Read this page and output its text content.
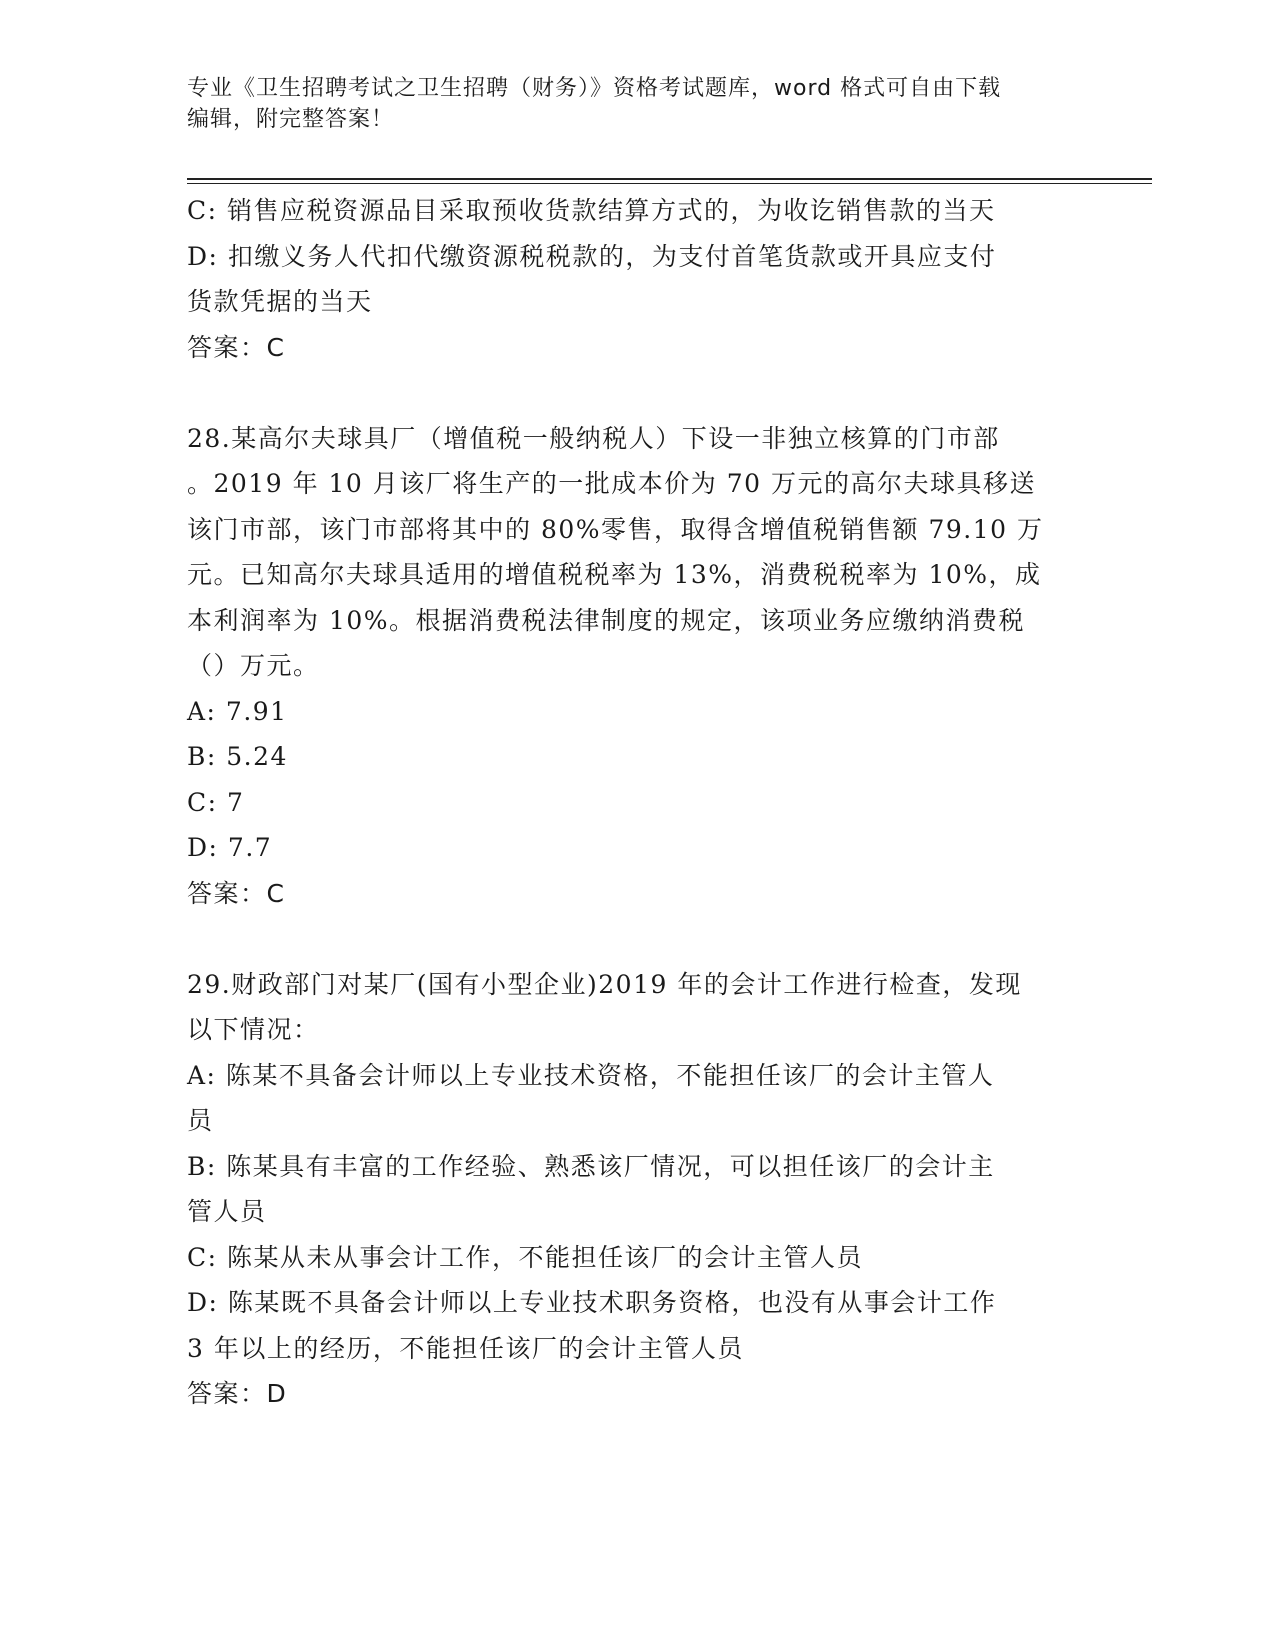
专业《卫生招聘考试之卫生招聘（财务）》资格考试题库，word 格式可自由下载
编辑，附完整答案！
C: 销售应税资源品目采取预收货款结算方式的，为收讫销售款的当天
D: 扣缴义务人代扣代缴资源税税款的，为支付首笔货款或开具应支付
货款凭据的当天
答案：C
28.某高尔夫球具厂（增值税一般纳税人）下设一非独立核算的门市部
。2019 年 10 月该厂将生产的一批成本价为 70 万元的高尔夫球具移送
该门市部，该门市部将其中的 80%零售，取得含增值税销售额 79.10 万
元。已知高尔夫球具适用的增值税税率为 13%，消费税税率为 10%，成
本利润率为 10%。根据消费税法律制度的规定，该项业务应缴纳消费税
（）万元。
A: 7.91
B: 5.24
C: 7
D: 7.7
答案：C
29.财政部门对某厂(国有小型企业)2019 年的会计工作进行检查，发现
以下情况：
A: 陈某不具备会计师以上专业技术资格，不能担任该厂的会计主管人
员
B: 陈某具有丰富的工作经验、熟悉该厂情况，可以担任该厂的会计主
管人员
C: 陈某从未从事会计工作，不能担任该厂的会计主管人员
D: 陈某既不具备会计师以上专业技术职务资格，也没有从事会计工作
3 年以上的经历，不能担任该厂的会计主管人员
答案：D
